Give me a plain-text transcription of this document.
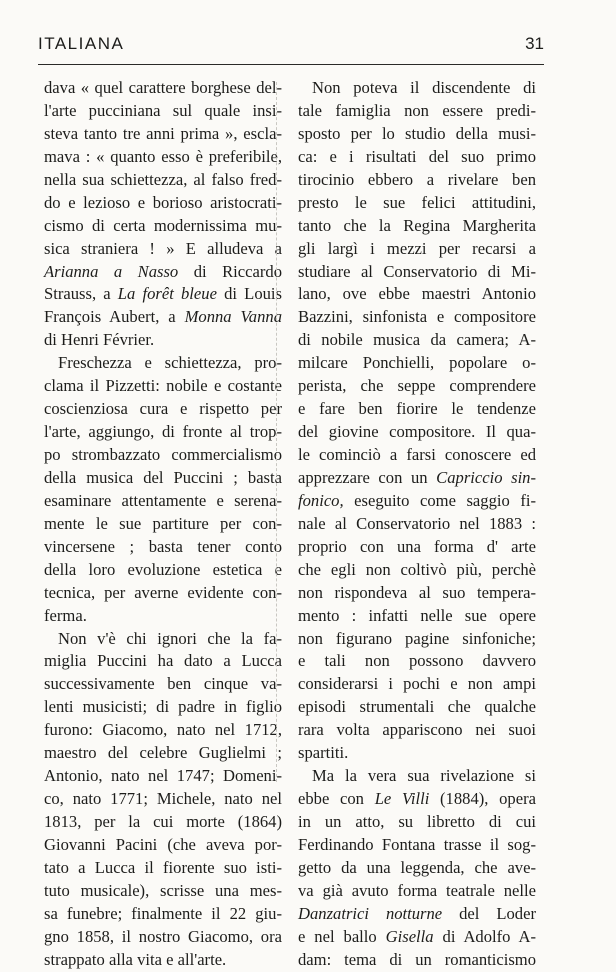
ITALIANA	31
dava « quel carattere borghese del-
l'arte pucciniana sul quale insi-
steva tanto tre anni prima », escla-
mava : « quanto esso è preferibile,
nella sua schiettezza, al falso fred-
do e lezioso e borioso aristocrati-
cismo di certa modernissima mu-
sica straniera ! » E alludeva a
Arianna a Nasso di Riccardo
Strauss, a La forêt bleue di Louis
François Aubert, a Monna Vanna
di Henri Février.
Freschezza e schiettezza, pro-
clama il Pizzetti: nobile e costante
coscienziosa cura e rispetto per
l'arte, aggiungo, di fronte al trop-
po strombazzato commercialismo
della musica del Puccini ; basta
esaminare attentamente e serena-
mente le sue partiture per con-
vincersene ; basta tener conto
della loro evoluzione estetica e
tecnica, per averne evidente con-
ferma.
Non v'è chi ignori che la fa-
miglia Puccini ha dato a Lucca
successivamente ben cinque va-
lenti musicisti; di padre in figlio
furono: Giacomo, nato nel 1712,
maestro del celebre Guglielmi ;
Antonio, nato nel 1747; Domeni-
co, nato 1771; Michele, nato nel
1813, per la cui morte (1864)
Giovanni Pacini (che aveva por-
tato a Lucca il fiorente suo isti-
tuto musicale), scrisse una mes-
sa funebre; finalmente il 22 giu-
gno 1858, il nostro Giacomo, ora
strappato alla vita e all'arte.
Non poteva il discendente di
tale famiglia non essere predi-
sposto per lo studio della musi-
ca: e i risultati del suo primo
tirocinio ebbero a rivelare ben
presto le sue felici attitudini,
tanto che la Regina Margherita
gli largì i mezzi per recarsi a
studiare al Conservatorio di Mi-
lano, ove ebbe maestri Antonio
Bazzini, sinfonista e compositore
di nobile musica da camera; A-
milcare Ponchielli, popolare o-
perista, che seppe comprendere
e fare ben fiorire le tendenze
del giovine compositore. Il qua-
le cominciò a farsi conoscere ed
apprezzare con un Capriccio sin-
fonico, eseguito come saggio fi-
nale al Conservatorio nel 1883 :
proprio con una forma d' arte
che egli non coltivò più, perchè
non rispondeva al suo tempera-
mento : infatti nelle sue opere
non figurano pagine sinfoniche;
e tali non possono davvero
considerarsi i pochi e non ampi
episodi strumentali che qualche
rara volta appariscono nei suoi
spartiti.
Ma la vera sua rivelazione si
ebbe con Le Villi (1884), opera
in un atto, su libretto di cui
Ferdinando Fontana trasse il sog-
getto da una leggenda, che ave-
va già avuto forma teatrale nelle
Danzatrici notturne del Loder
e nel ballo Gisella di Adolfo A-
dam: tema di un romanticismo
